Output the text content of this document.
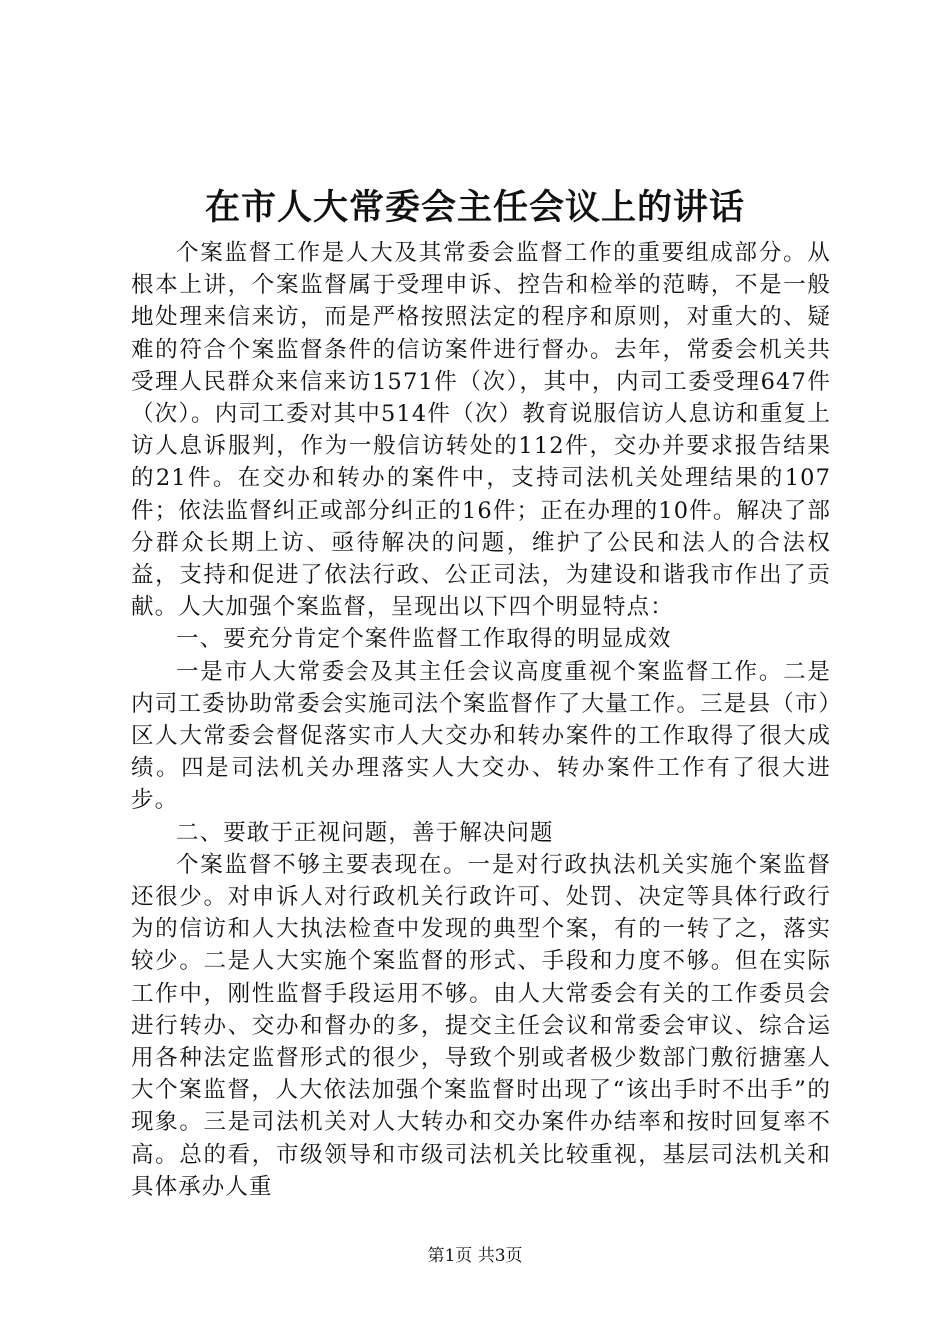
在市人大常委会主任会议上的讲话

个案监督工作是人大及其常委会监督工作的重要组成部分。从根本上讲，个案监督属于受理申诉、控告和检举的范畴，不是一般地处理来信来访，而是严格按照法定的程序和原则，对重大的、疑难的符合个案监督条件的信访案件进行督办。去年，常委会机关共受理人民群众来信来访1571件（次），其中，内司工委受理647件（次）。内司工委对其中514件（次）教育说服信访人息访和重复上访人息诉服判，作为一般信访转处的112件，交办并要求报告结果的21件。在交办和转办的案件中，支持司法机关处理结果的107件；依法监督纠正或部分纠正的16件；正在办理的10件。解决了部分群众长期上访、亟待解决的问题，维护了公民和法人的合法权益，支持和促进了依法行政、公正司法，为建设和谐我市作出了贡献。人大加强个案监督，呈现出以下四个明显特点：

一、要充分肯定个案件监督工作取得的明显成效

一是市人大常委会及其主任会议高度重视个案监督工作。二是内司工委协助常委会实施司法个案监督作了大量工作。三是县（市）区人大常委会督促落实市人大交办和转办案件的工作取得了很大成绩。四是司法机关办理落实人大交办、转办案件工作有了很大进步。

二、要敢于正视问题，善于解决问题

个案监督不够主要表现在。一是对行政执法机关实施个案监督还很少。对申诉人对行政机关行政许可、处罚、决定等具体行政行为的信访和人大执法检查中发现的典型个案，有的一转了之，落实较少。二是人大实施个案监督的形式、手段和力度不够。但在实际工作中，刚性监督手段运用不够。由人大常委会有关的工作委员会进行转办、交办和督办的多，提交主任会议和常委会审议、综合运用各种法定监督形式的很少，导致个别或者极少数部门敷衍搪塞人大个案监督，人大依法加强个案监督时出现了“该出手时不出手”的现象。三是司法机关对人大转办和交办案件办结率和按时回复率不高。总的看，市级领导和市级司法机关比较重视，基层司法机关和具体承办人重

第1页 共3页
